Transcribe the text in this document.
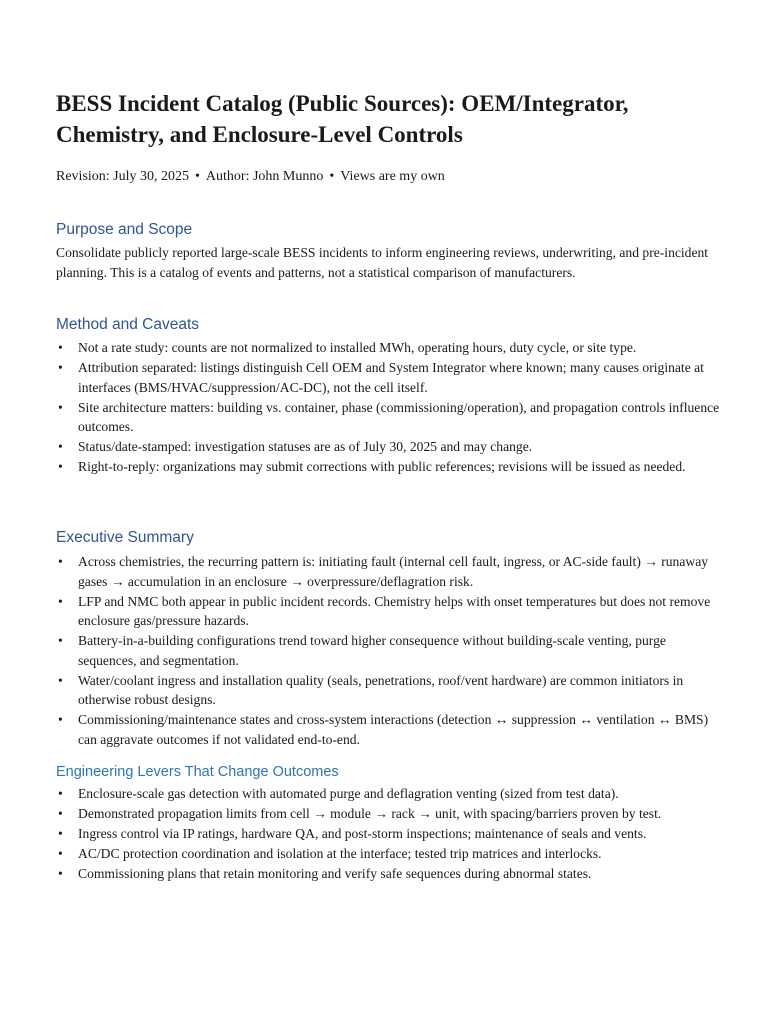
BESS Incident Catalog (Public Sources): OEM/Integrator, Chemistry, and Enclosure-Level Controls
Revision: July 30, 2025 • Author: John Munno • Views are my own
Purpose and Scope

Consolidate publicly reported large-scale BESS incidents to inform engineering reviews, underwriting, and pre-incident planning. This is a catalog of events and patterns, not a statistical comparison of manufacturers.

Method and Caveats
• Not a rate study: counts are not normalized to installed MWh, operating hours, duty cycle, or site type.
• Attribution separated: listings distinguish Cell OEM and System Integrator where known; many causes originate at interfaces (BMS/HVAC/suppression/AC-DC), not the cell itself.
• Site architecture matters: building vs. container, phase (commissioning/operation), and propagation controls influence outcomes.
• Status/date-stamped: investigation statuses are as of July 30, 2025 and may change.
• Right-to-reply: organizations may submit corrections with public references; revisions will be issued as needed.
Executive Summary
• Across chemistries, the recurring pattern is: initiating fault (internal cell fault, ingress, or AC-side fault) → runaway gases → accumulation in an enclosure → overpressure/deflagration risk.
• LFP and NMC both appear in public incident records. Chemistry helps with onset temperatures but does not remove enclosure gas/pressure hazards.
• Battery-in-a-building configurations trend toward higher consequence without building-scale venting, purge sequences, and segmentation.
• Water/coolant ingress and installation quality (seals, penetrations, roof/vent hardware) are common initiators in otherwise robust designs.
• Commissioning/maintenance states and cross-system interactions (detection ↔ suppression ↔ ventilation ↔ BMS) can aggravate outcomes if not validated end-to-end.
Engineering Levers That Change Outcomes
• Enclosure-scale gas detection with automated purge and deflagration venting (sized from test data).
• Demonstrated propagation limits from cell → module → rack → unit, with spacing/barriers proven by test.
• Ingress control via IP ratings, hardware QA, and post-storm inspections; maintenance of seals and vents.
• AC/DC protection coordination and isolation at the interface; tested trip matrices and interlocks.
• Commissioning plans that retain monitoring and verify safe sequences during abnormal states.
